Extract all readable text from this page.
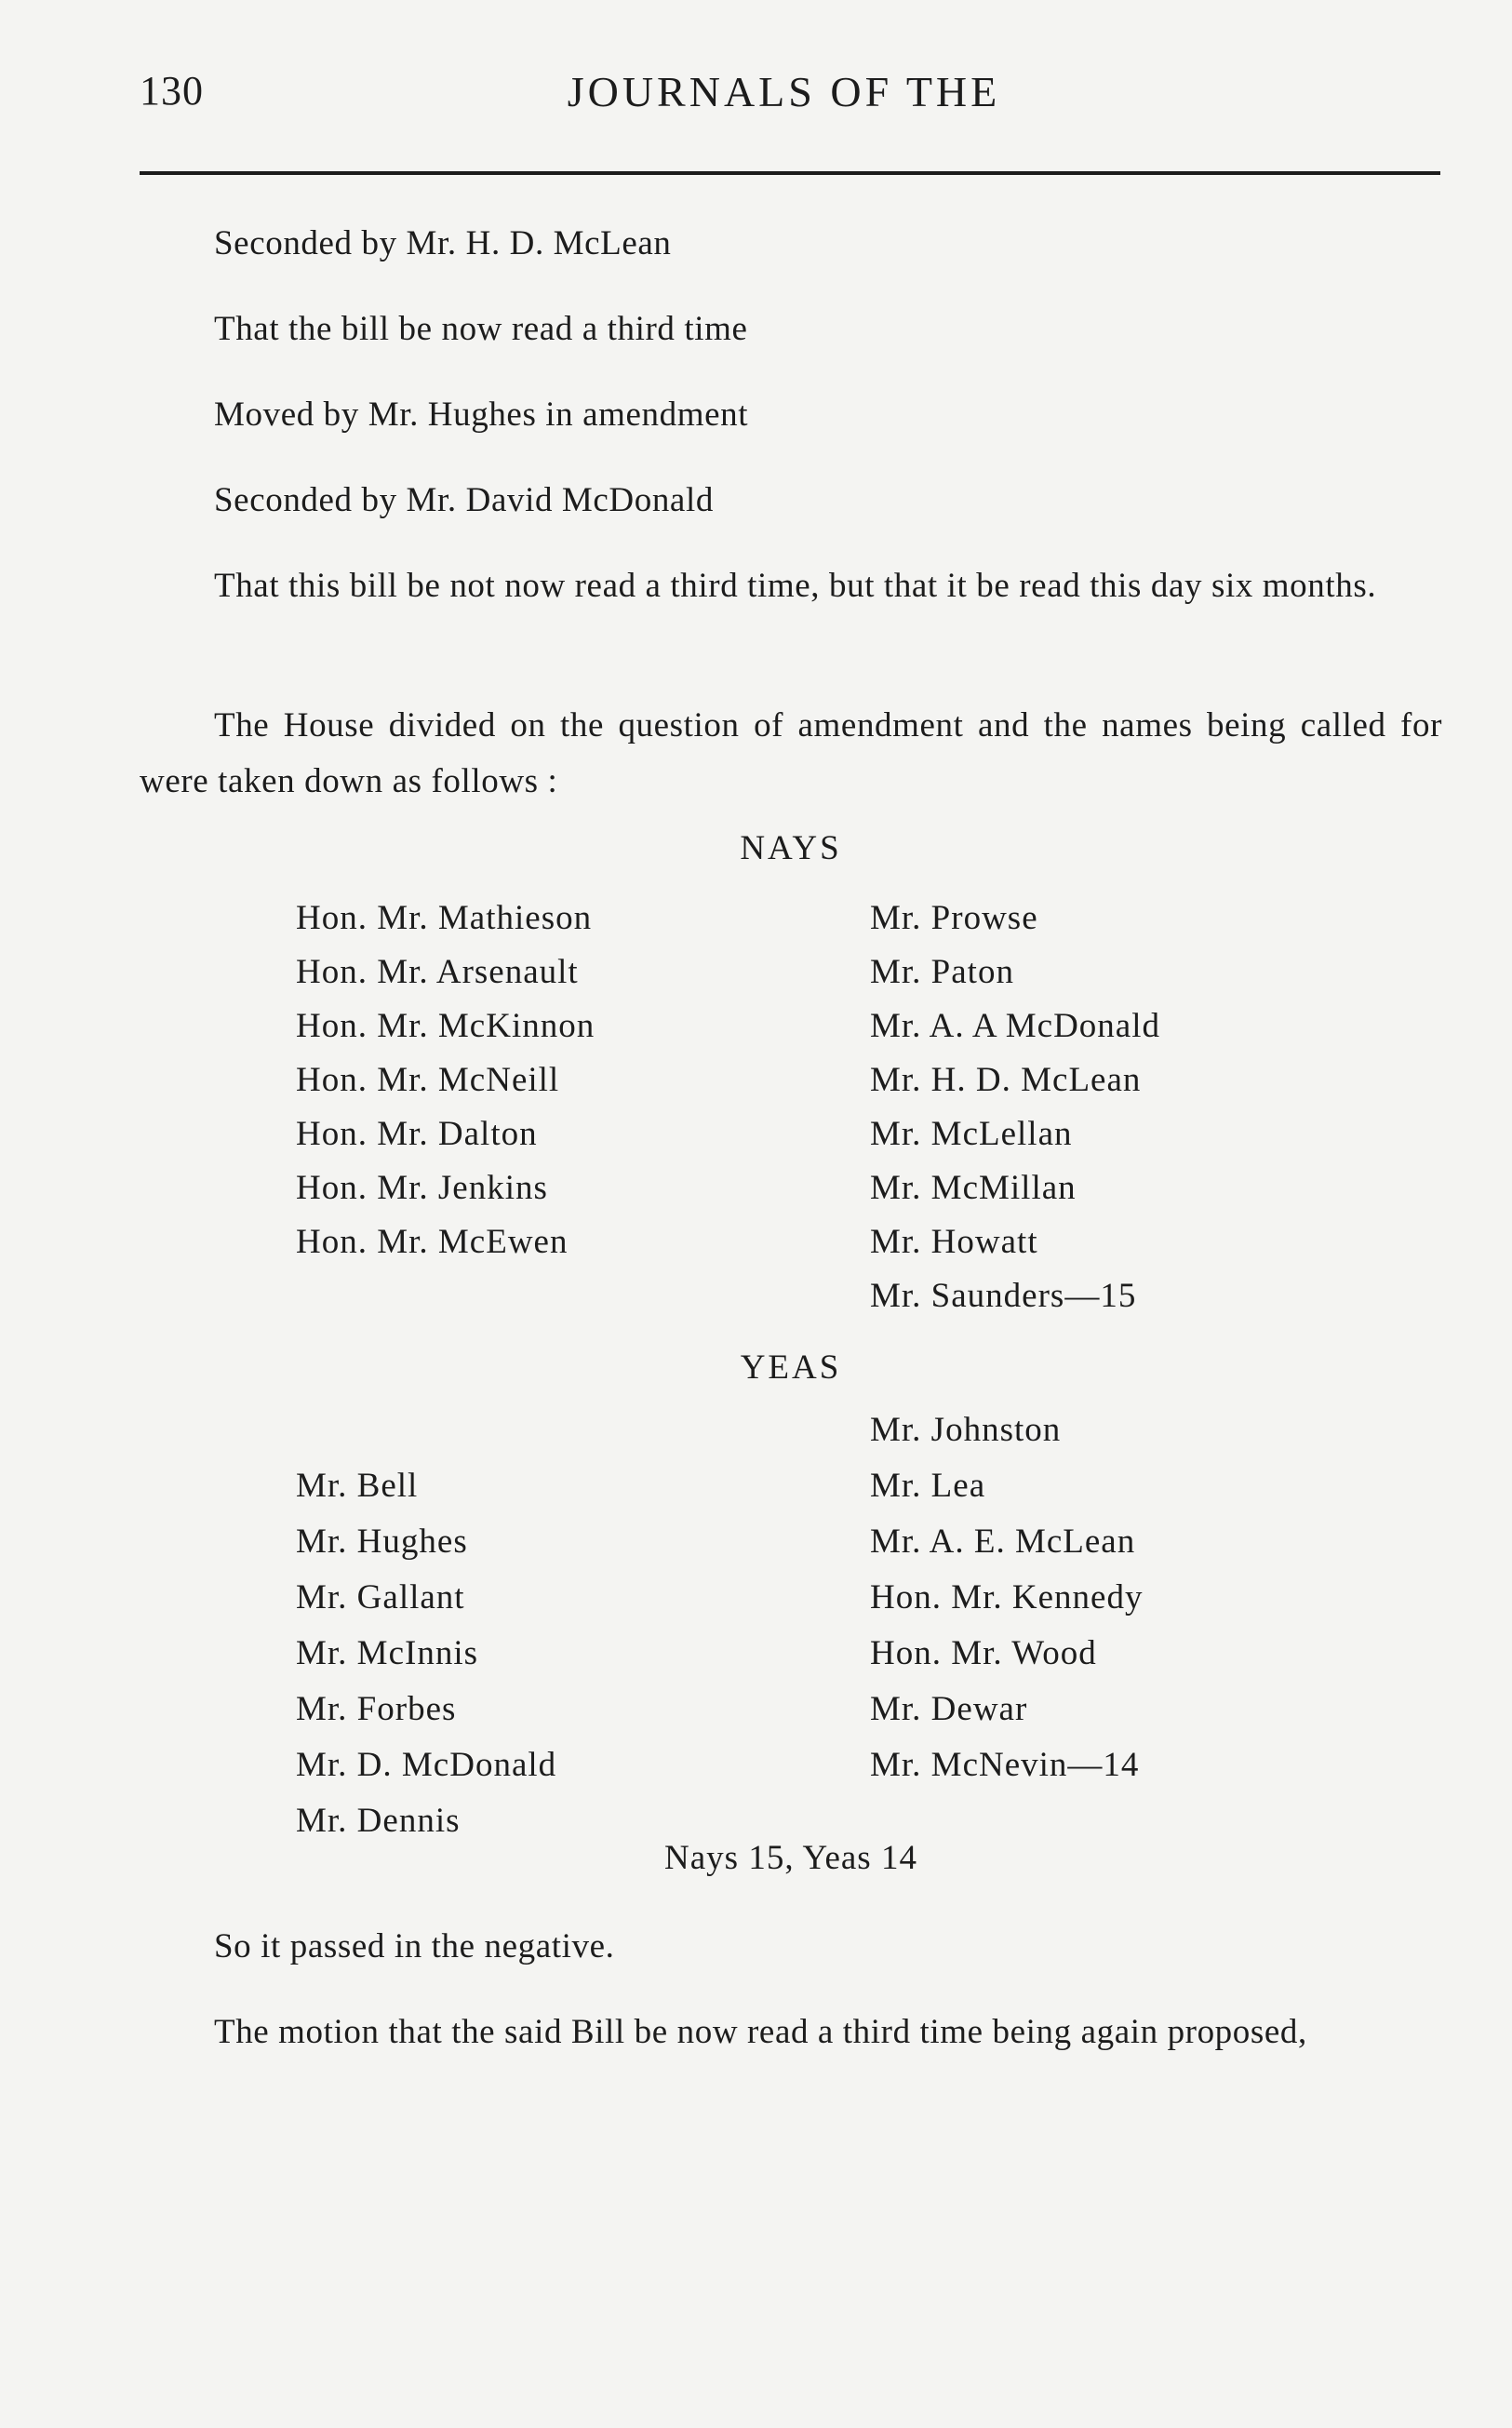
130	JOURNALS OF THE

Seconded by Mr. H. D. McLean

That the bill be now read a third time

Moved by Mr. Hughes in amendment

Seconded by Mr. David McDonald

That this bill be not now read a third time, but that it be read this day six months.

The House divided on the question of amendment and the names being called for were taken down as follows :

NAYS
Hon. Mr. Mathieson
Hon. Mr. Arsenault
Hon. Mr. McKinnon
Hon. Mr. McNeill
Hon. Mr. Dalton
Hon. Mr. Jenkins
Hon. Mr. McEwen
Mr. Prowse
Mr. Paton
Mr. A. A McDonald
Mr. H. D. McLean
Mr. McLellan
Mr. McMillan
Mr. Howatt
Mr. Saunders—15
YEAS
Mr. Bell
Mr. Hughes
Mr. Gallant
Mr. McInnis
Mr. Forbes
Mr. D. McDonald
Mr. Dennis
Mr. Johnston
Mr. Lea
Mr. A. E. McLean
Hon. Mr. Kennedy
Hon. Mr. Wood
Mr. Dewar
Mr. McNevin—14
Nays 15, Yeas 14

So it passed in the negative.

The motion that the said Bill be now read a third time being again proposed,
